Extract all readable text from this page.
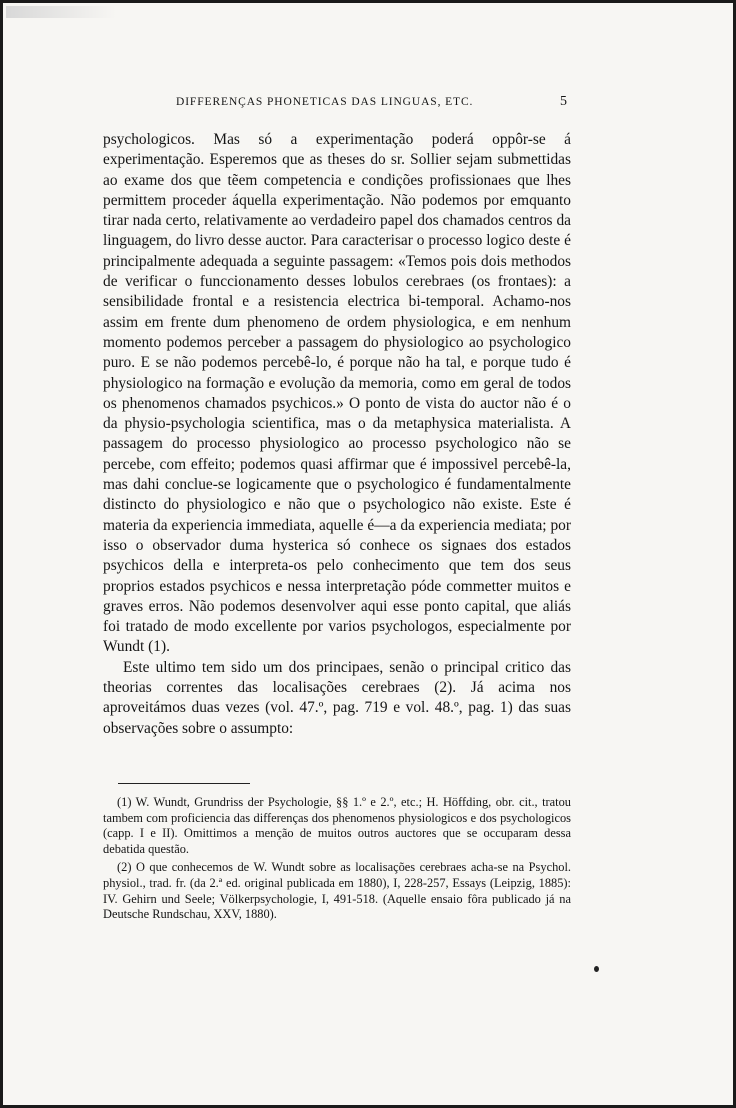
DIFFERENÇAS PHONETICAS DAS LINGUAS, ETC.	5

psychologicos. Mas só a experimentação poderá oppôr-se á experimentação. Esperemos que as theses do sr. Sollier sejam submettidas ao exame dos que tẽem competencia e condições profissionaes que lhes permittem proceder áquella experimentação. Não podemos por emquanto tirar nada certo, relativamente ao verdadeiro papel dos chamados centros da linguagem, do livro desse auctor. Para caracterisar o processo logico deste é principalmente adequada a seguinte passagem: «Temos pois dois methodos de verificar o funccionamento desses lobulos cerebraes (os frontaes): a sensibilidade frontal e a resistencia electrica bi-temporal. Achamo-nos assim em frente dum phenomeno de ordem physiologica, e em nenhum momento podemos perceber a passagem do physiologico ao psychologico puro. E se não podemos percebê-lo, é porque não ha tal, e porque tudo é physiologico na formação e evolução da memoria, como em geral de todos os phenomenos chamados psychicos.» O ponto de vista do auctor não é o da physio-psychologia scientifica, mas o da metaphysica materialista. A passagem do processo physiologico ao processo psychologico não se percebe, com effeito; podemos quasi affirmar que é impossivel percebê-la, mas dahi conclue-se logicamente que o psychologico é fundamentalmente distincto do physiologico e não que o psychologico não existe. Este é materia da experiencia immediata, aquelle é—a da experiencia mediata; por isso o observador duma hysterica só conhece os signaes dos estados psychicos della e interpreta-os pelo conhecimento que tem dos seus proprios estados psychicos e nessa interpretação póde commetter muitos e graves erros. Não podemos desenvolver aqui esse ponto capital, que aliás foi tratado de modo excellente por varios psychologos, especialmente por Wundt (1).

Este ultimo tem sido um dos principaes, senão o principal critico das theorias correntes das localisações cerebraes (2). Já acima nos aproveitámos duas vezes (vol. 47.º, pag. 719 e vol. 48.º, pag. 1) das suas observações sobre o assumpto:

(1) W. Wundt, Grundriss der Psychologie, §§ 1.º e 2.º, etc.; H. Höffding, obr. cit., tratou tambem com proficiencia das differenças dos phenomenos physiologicos e dos psychologicos (capp. I e II). Omittimos a menção de muitos outros auctores que se occuparam dessa debatida questão.

(2) O que conhecemos de W. Wundt sobre as localisações cerebraes acha-se na Psychol. physiol., trad. fr. (da 2.ª ed. original publicada em 1880), I, 228-257, Essays (Leipzig, 1885): IV. Gehirn und Seele; Völkerpsychologie, I, 491-518. (Aquelle ensaio fôra publicado já na Deutsche Rundschau, XXV, 1880).
